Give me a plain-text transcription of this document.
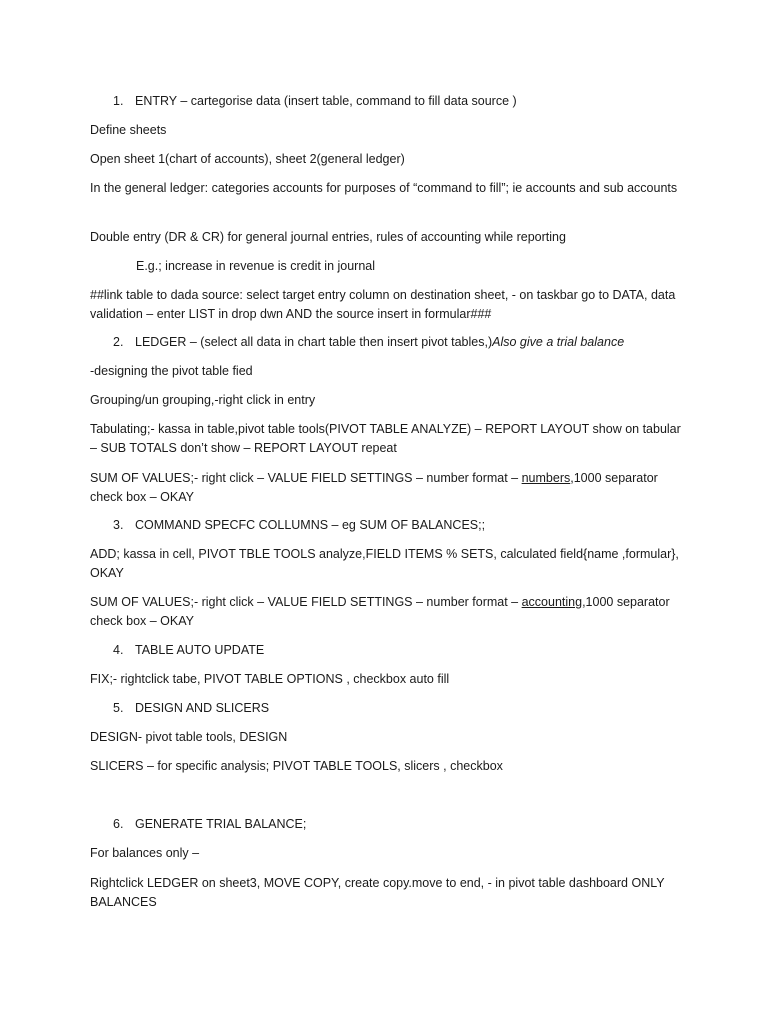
1. ENTRY – cartegorise data (insert table, command to fill data source )

Define sheets

Open sheet 1(chart of accounts), sheet 2(general ledger)

In the general ledger: categories accounts for purposes of “command to fill”; ie accounts and sub accounts

Double entry (DR & CR) for general journal entries, rules of accounting while reporting

E.g.; increase in revenue is credit in journal

##link table to dada source: select target entry column on destination sheet, - on taskbar go to DATA, data validation – enter LIST in drop dwn AND the source insert in formular###

2. LEDGER – (select all data in chart table then insert pivot tables,)Also give a trial balance

-designing the pivot table fied

Grouping/un grouping,-right click in entry

Tabulating;- kassa in table,pivot table tools(PIVOT TABLE ANALYZE) – REPORT LAYOUT show on tabular – SUB TOTALS don’t show – REPORT LAYOUT repeat

SUM OF VALUES;- right click – VALUE FIELD SETTINGS – number format – numbers,1000 separator check box – OKAY

3. COMMAND SPECFC COLLUMNS – eg SUM OF BALANCES;;

ADD; kassa in cell, PIVOT TBLE TOOLS analyze,FIELD ITEMS % SETS, calculated field{name ,formular}, OKAY

SUM OF VALUES;- right click – VALUE FIELD SETTINGS – number format – accounting,1000 separator check box – OKAY

4. TABLE AUTO UPDATE

FIX;- rightclick tabe, PIVOT TABLE OPTIONS , checkbox auto fill

5. DESIGN AND SLICERS

DESIGN- pivot table tools, DESIGN

SLICERS – for specific analysis; PIVOT TABLE TOOLS, slicers , checkbox

6. GENERATE TRIAL BALANCE;

For balances only –

Rightclick LEDGER on sheet3, MOVE COPY, create copy.move to end, - in pivot table dashboard ONLY BALANCES
